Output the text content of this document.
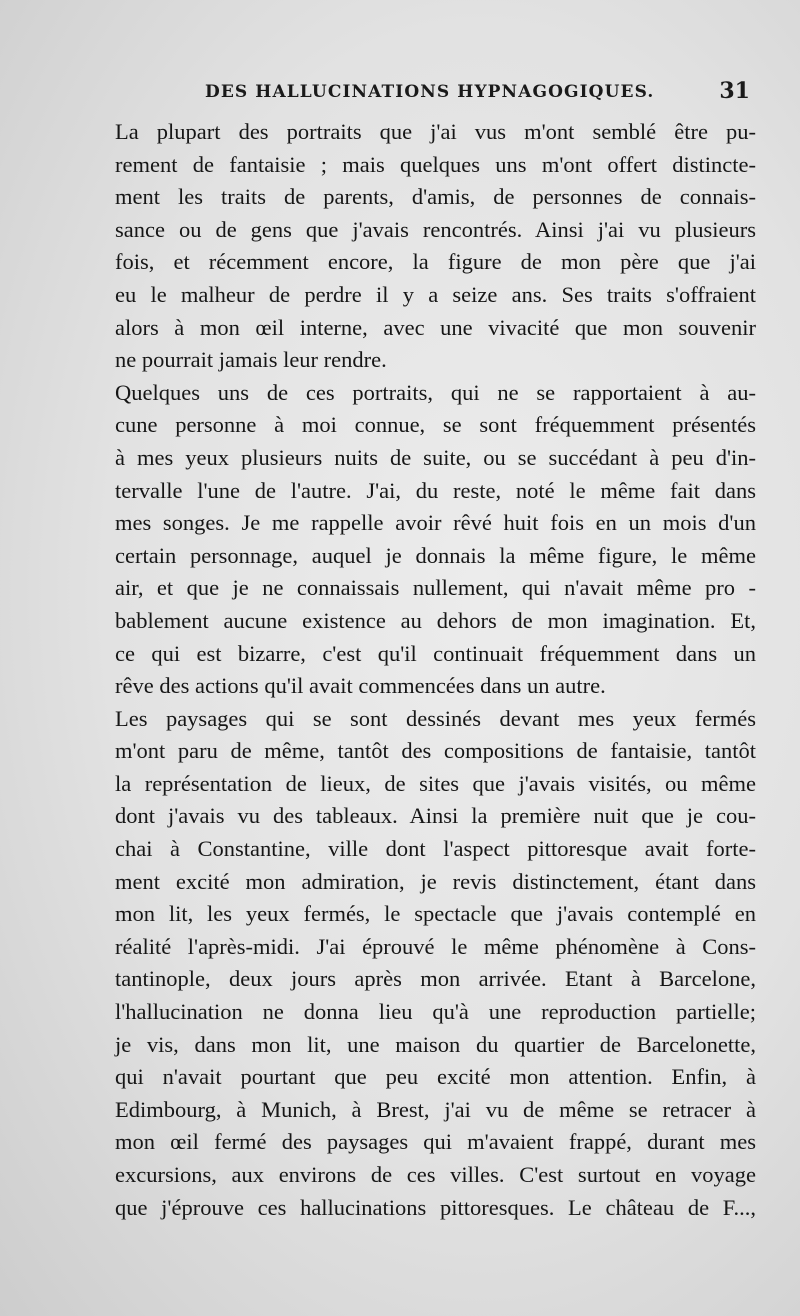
DES HALLUCINATIONS HYPNAGOGIQUES.	31

La plupart des portraits que j'ai vus m'ont semblé être pu-
rement de fantaisie ; mais quelques uns m'ont offert distincte-
ment les traits de parents, d'amis, de personnes de connais-
sance ou de gens que j'avais rencontrés. Ainsi j'ai vu plusieurs
fois, et récemment encore, la figure de mon père que j'ai
eu le malheur de perdre il y a seize ans. Ses traits s'offraient
alors à mon œil interne, avec une vivacité que mon souvenir
ne pourrait jamais leur rendre.

Quelques uns de ces portraits, qui ne se rapportaient à au-
cune personne à moi connue, se sont fréquemment présentés
à mes yeux plusieurs nuits de suite, ou se succédant à peu d'in-
tervalle l'une de l'autre. J'ai, du reste, noté le même fait dans
mes songes. Je me rappelle avoir rêvé huit fois en un mois d'un
certain personnage, auquel je donnais la même figure, le même
air, et que je ne connaissais nullement, qui n'avait même pro -
bablement aucune existence au dehors de mon imagination. Et,
ce qui est bizarre, c'est qu'il continuait fréquemment dans un
rêve des actions qu'il avait commencées dans un autre.

Les paysages qui se sont dessinés devant mes yeux fermés
m'ont paru de même, tantôt des compositions de fantaisie, tantôt
la représentation de lieux, de sites que j'avais visités, ou même
dont j'avais vu des tableaux. Ainsi la première nuit que je cou-
chai à Constantine, ville dont l'aspect pittoresque avait forte-
ment excité mon admiration, je revis distinctement, étant dans
mon lit, les yeux fermés, le spectacle que j'avais contemplé en
réalité l'après-midi. J'ai éprouvé le même phénomène à Cons-
tantinople, deux jours après mon arrivée. Etant à Barcelone,
l'hallucination ne donna lieu qu'à une reproduction partielle;
je vis, dans mon lit, une maison du quartier de Barcelonette,
qui n'avait pourtant que peu excité mon attention. Enfin, à
Edimbourg, à Munich, à Brest, j'ai vu de même se retracer à
mon œil fermé des paysages qui m'avaient frappé, durant mes
excursions, aux environs de ces villes. C'est surtout en voyage
que j'éprouve ces hallucinations pittoresques. Le château de F...,
